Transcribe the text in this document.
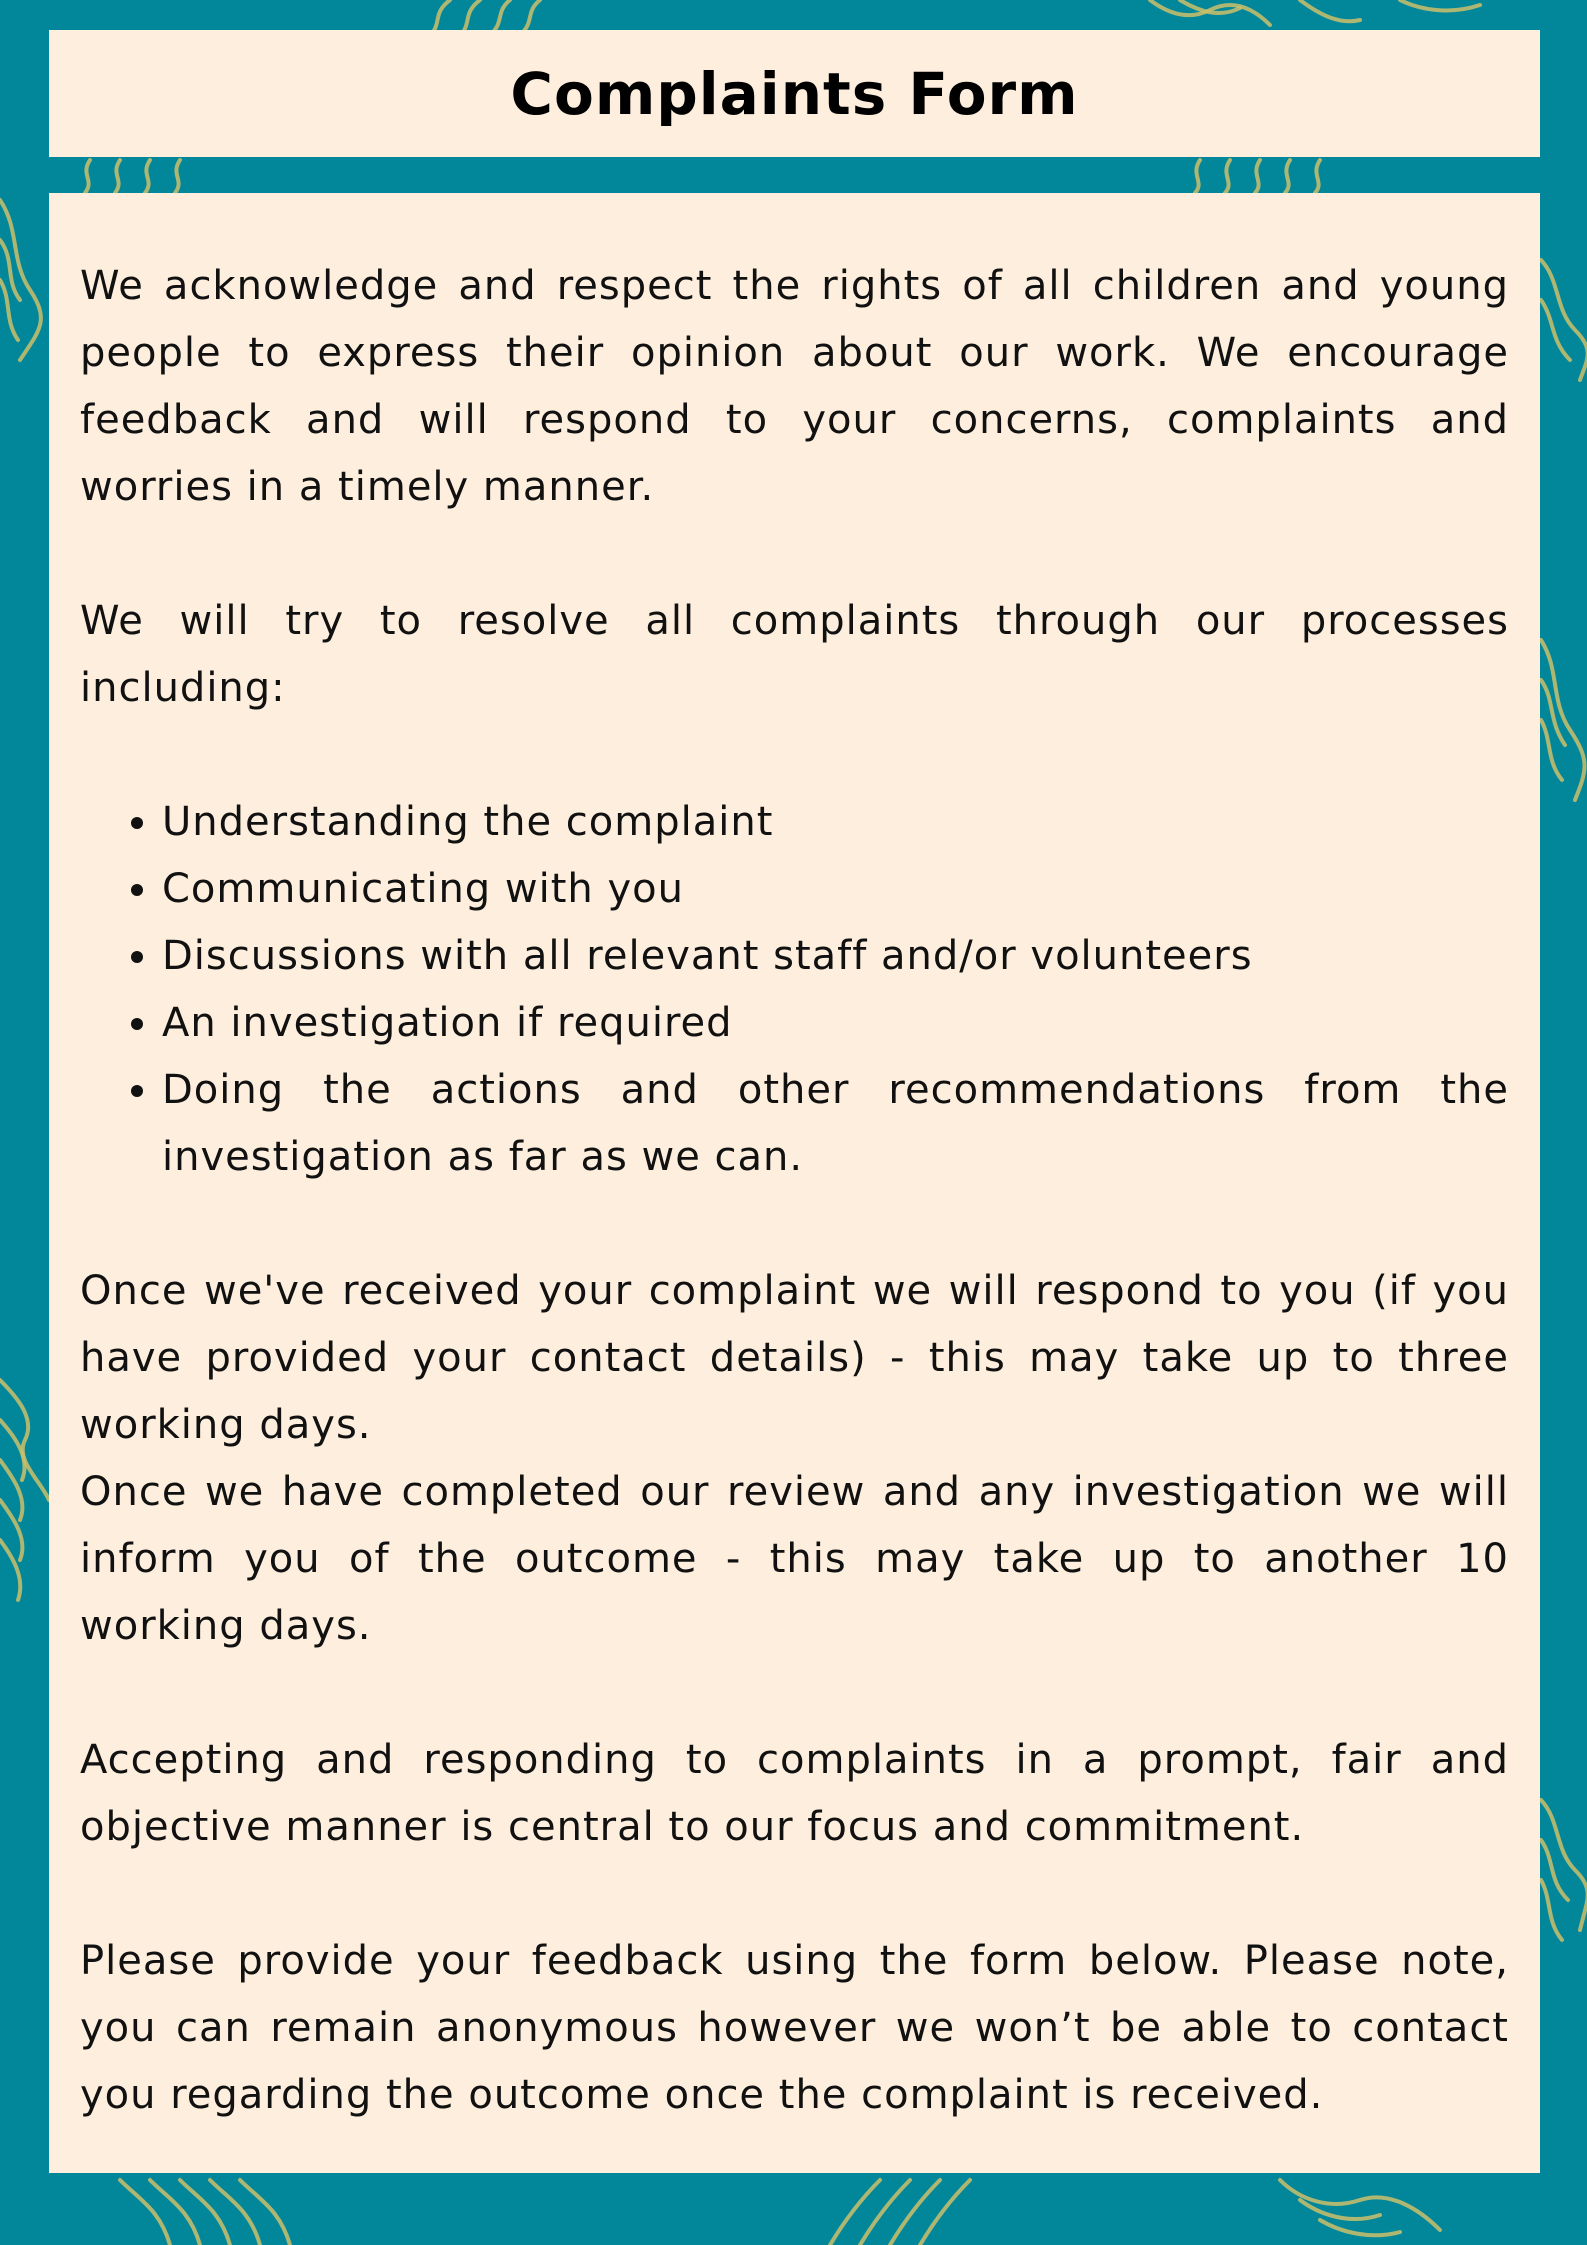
Complaints Form

We acknowledge and respect the rights of all children and young people to express their opinion about our work. We encourage feedback and will respond to your concerns, complaints and worries in a timely manner.

We will try to resolve all complaints through our processes including:

• Understanding the complaint
• Communicating with you
• Discussions with all relevant staff and/or volunteers
• An investigation if required
• Doing the actions and other recommendations from the investigation as far as we can.

Once we've received your complaint we will respond to you (if you have provided your contact details) - this may take up to three working days.

Once we have completed our review and any investigation we will inform you of the outcome - this may take up to another 10 working days.

Accepting and responding to complaints in a prompt, fair and objective manner is central to our focus and commitment.

Please provide your feedback using the form below. Please note, you can remain anonymous however we won’t be able to contact you regarding the outcome once the complaint is received.
